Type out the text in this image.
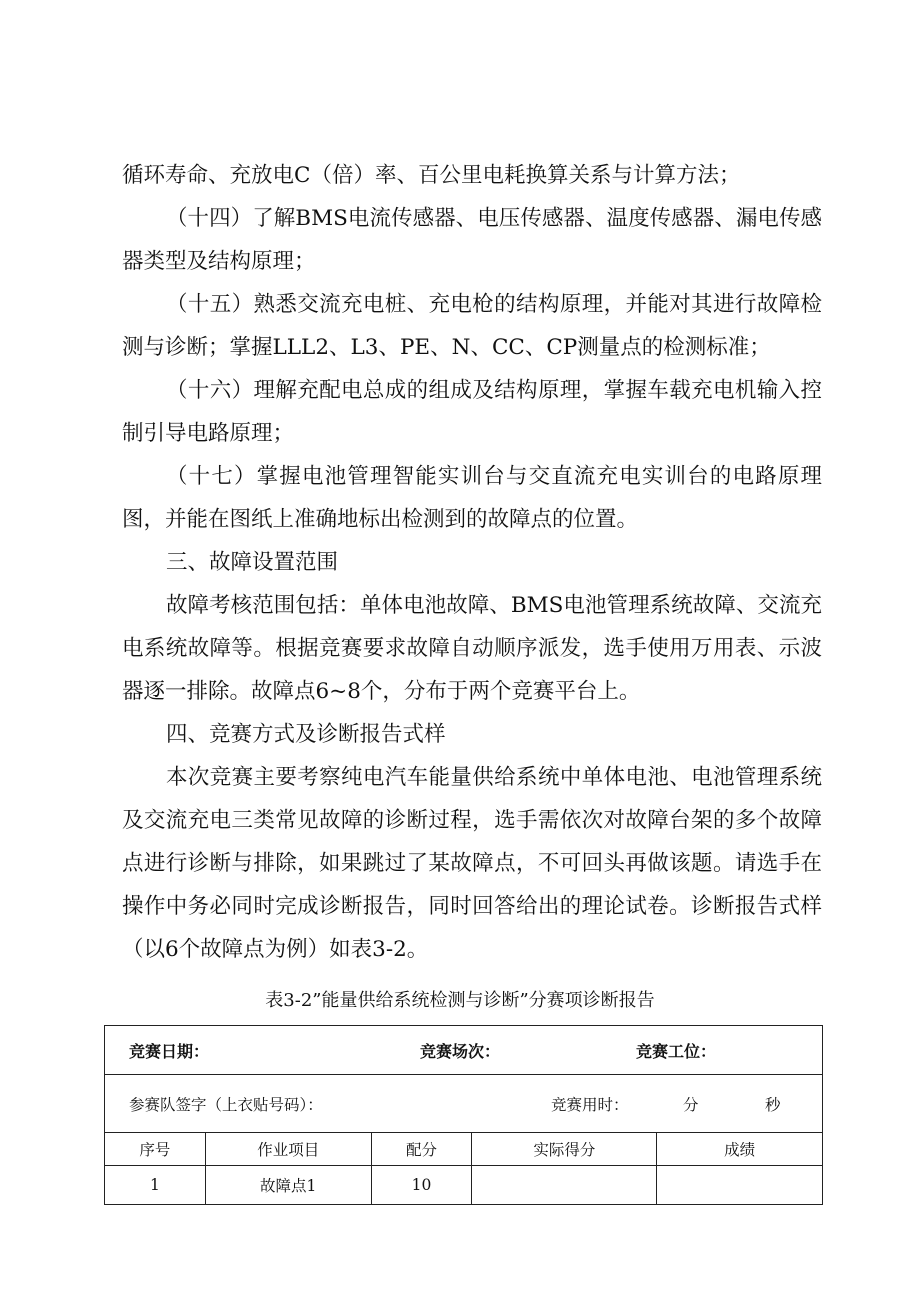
循环寿命、充放电C（倍）率、百公里电耗换算关系与计算方法；

（十四）了解BMS电流传感器、电压传感器、温度传感器、漏电传感器类型及结构原理；

（十五）熟悉交流充电桩、充电枪的结构原理，并能对其进行故障检测与诊断；掌握LLL2、L3、PE、N、CC、CP测量点的检测标准；

（十六）理解充配电总成的组成及结构原理，掌握车载充电机输入控制引导电路原理；

（十七）掌握电池管理智能实训台与交直流充电实训台的电路原理图，并能在图纸上准确地标出检测到的故障点的位置。

三、故障设置范围

故障考核范围包括：单体电池故障、BMS电池管理系统故障、交流充电系统故障等。根据竞赛要求故障自动顺序派发，选手使用万用表、示波器逐一排除。故障点6~8个，分布于两个竞赛平台上。

四、竞赛方式及诊断报告式样

本次竞赛主要考察纯电汽车能量供给系统中单体电池、电池管理系统及交流充电三类常见故障的诊断过程，选手需依次对故障台架的多个故障点进行诊断与排除，如果跳过了某故障点，不可回头再做该题。请选手在操作中务必同时完成诊断报告，同时回答给出的理论试卷。诊断报告式样（以6个故障点为例）如表3-2。

表3-2”能量供给系统检测与诊断”分赛项诊断报告

竞赛日期： 竞赛场次： 竞赛工位：				

参赛队签字（上衣贴号码）： 竞赛用时： 分 秒				

序号	作业项目	配分	实际得分	成绩
1	故障点1	10		
